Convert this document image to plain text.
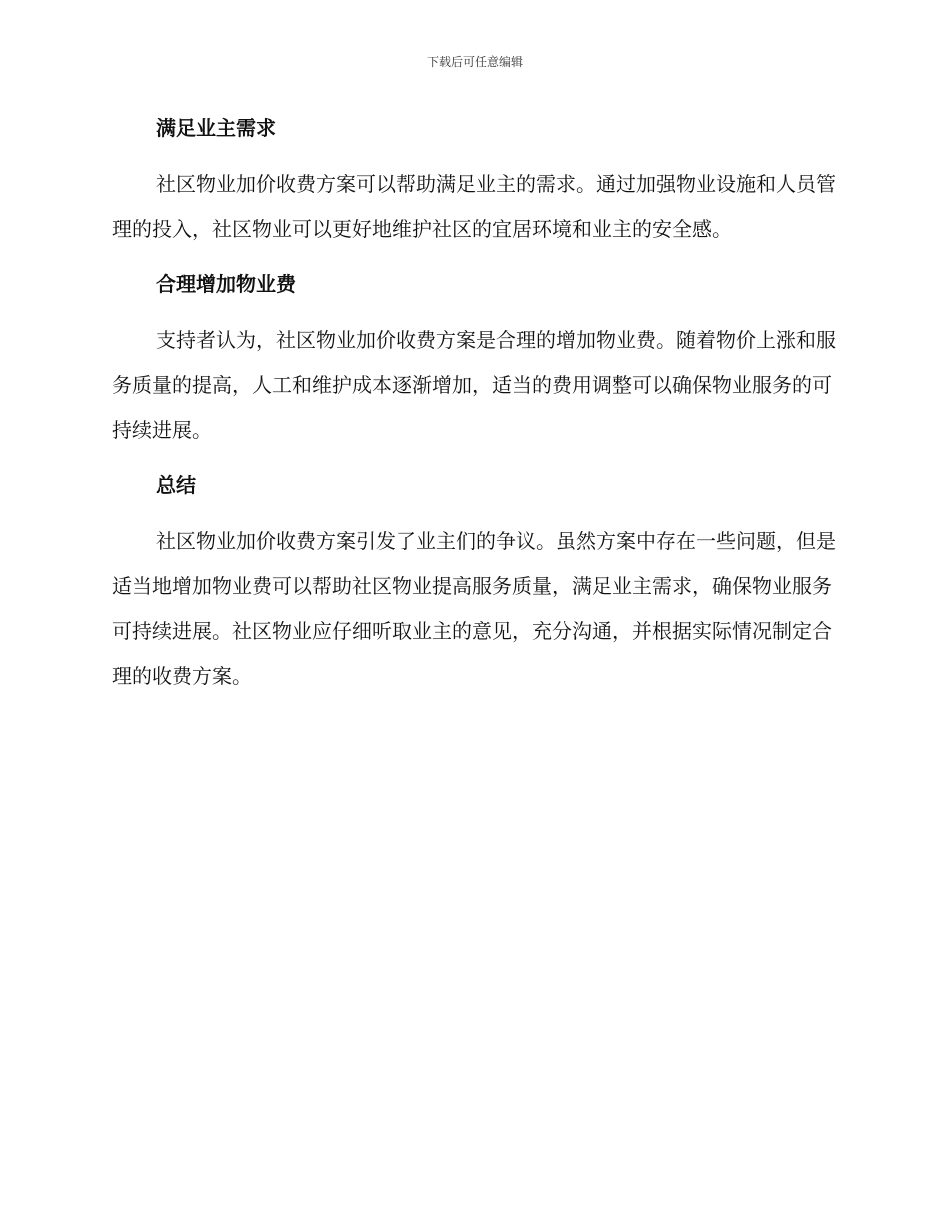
下载后可任意编辑
满足业主需求

社区物业加价收费方案可以帮助满足业主的需求。通过加强物业设施和人员管理的投入，社区物业可以更好地维护社区的宜居环境和业主的安全感。

合理增加物业费

支持者认为，社区物业加价收费方案是合理的增加物业费。随着物价上涨和服务质量的提高，人工和维护成本逐渐增加，适当的费用调整可以确保物业服务的可持续进展。

总结

社区物业加价收费方案引发了业主们的争议。虽然方案中存在一些问题，但是适当地增加物业费可以帮助社区物业提高服务质量，满足业主需求，确保物业服务可持续进展。社区物业应仔细听取业主的意见，充分沟通，并根据实际情况制定合理的收费方案。
